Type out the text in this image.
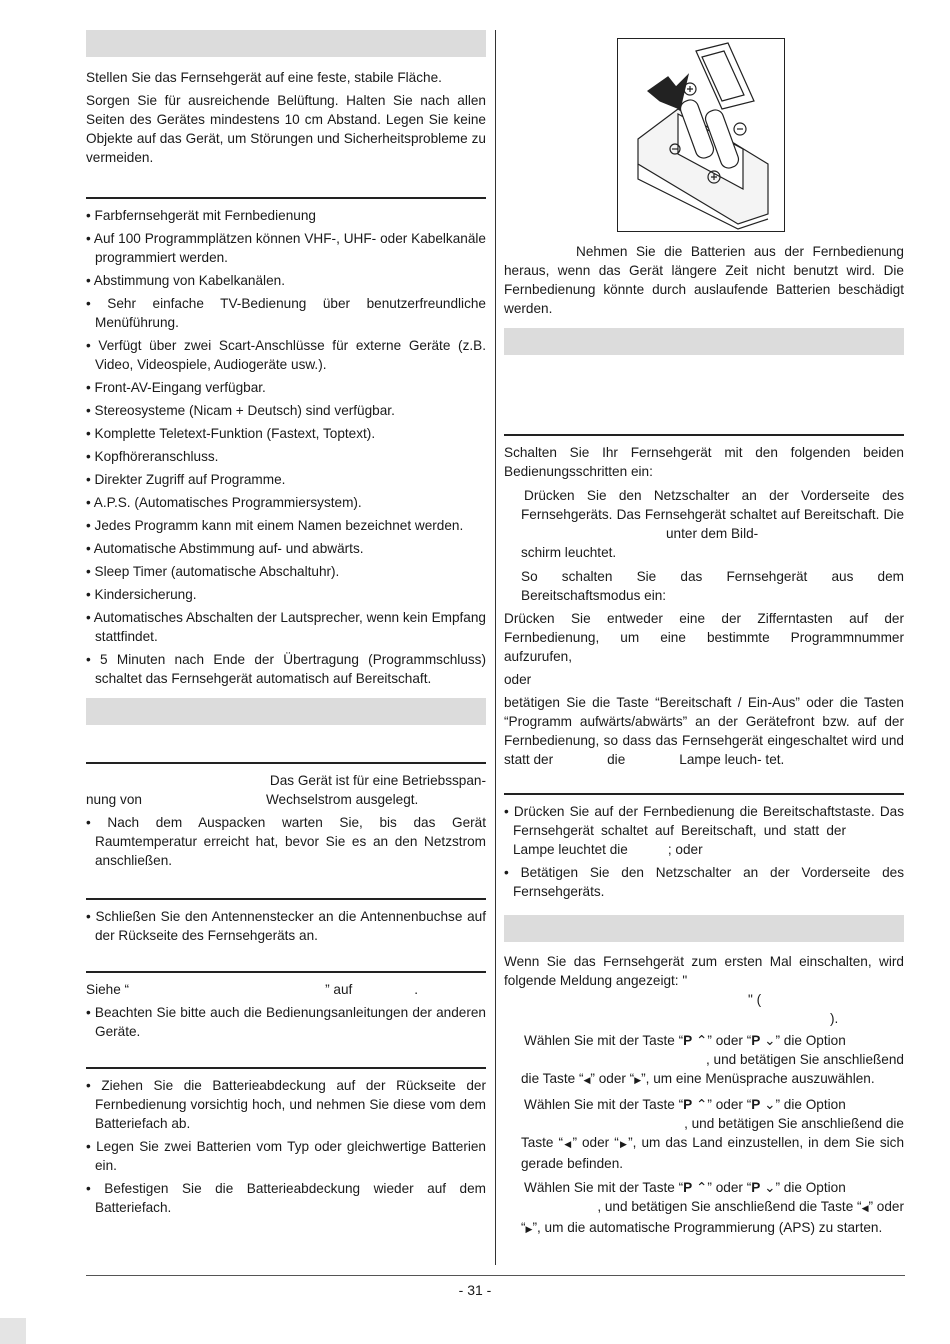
Stellen Sie das Fernsehgerät auf eine feste, stabile Fläche.

Sorgen Sie für ausreichende Belüftung. Halten Sie nach allen Seiten des Gerätes mindestens 10 cm Abstand. Legen Sie keine Objekte auf das Gerät, um Störungen und Sicherheitsprobleme zu vermeiden.

• Farbfernsehgerät mit Fernbedienung
• Auf 100 Programmplätzen können VHF-, UHF- oder Kabelkanäle programmiert werden.
• Abstimmung von Kabelkanälen.
• Sehr einfache TV-Bedienung über benutzerfreundliche Menüführung.
• Verfügt über zwei Scart-Anschlüsse für externe Geräte (z.B. Video, Videospiele, Audiogeräte usw.).
• Front-AV-Eingang verfügbar.
• Stereosysteme (Nicam + Deutsch) sind verfügbar.
• Komplette Teletext-Funktion (Fastext, Toptext).
• Kopfhöreranschluss.
• Direkter Zugriff auf Programme.
• A.P.S. (Automatisches Programmiersystem).
• Jedes Programm kann mit einem Namen bezeichnet werden.
• Automatische Abstimmung auf- und abwärts.
• Sleep Timer (automatische Abschaltuhr).
• Kindersicherung.
• Automatisches Abschalten der Lautsprecher, wenn kein Empfang stattfindet.
• 5 Minuten nach Ende der Übertragung (Programmschluss) schaltet das Fernsehgerät automatisch auf Bereitschaft.

Das Gerät ist für eine Betriebsspan-
nung von	Wechselstrom ausgelegt.

• Nach dem Auspacken warten Sie, bis das Gerät Raumtemperatur erreicht hat, bevor Sie es an den Netzstrom anschließen.
• Schließen Sie den Antennenstecker an die Antennenbuchse auf der Rückseite des Fernsehgeräts an.

Siehe “	” auf	.

• Beachten Sie bitte auch die Bedienungsanleitungen der anderen Geräte.
• Ziehen Sie die Batterieabdeckung auf der Rückseite der Fernbedienung vorsichtig hoch, und nehmen Sie diese vom dem Batteriefach ab.
• Legen Sie zwei Batterien vom Typ oder gleichwertige Batterien ein.
• Befestigen Sie die Batterieabdeckung wieder auf dem Batteriefach.

Nehmen Sie die Batterien aus der Fernbedienung heraus, wenn das Gerät längere Zeit nicht benutzt wird. Die Fernbedienung könnte durch auslaufende Batterien beschädigt werden.

Schalten Sie Ihr Fernsehgerät mit den folgenden beiden Bedienungsschritten ein:

Drücken Sie den Netzschalter an der Vorderseite des Fernsehgeräts. Das Fernsehgerät schaltet auf Bereitschaft. Dieunter dem Bild-

schirm leuchtet.

So schalten Sie das Fernsehgerät aus dem Bereitschaftsmodus ein:

Drücken Sie entweder eine der Zifferntasten auf der Fernbedienung, um eine bestimmte Programmnummer aufzurufen,

oder

betätigen Sie die Taste “Bereitschaft / Ein-Aus” oder die Tasten “Programm aufwärts/abwärts” an der Gerätefront bzw. auf der Fernbedienung, so dass das Fernsehgerät eingeschaltet wird und statt der	die	Lampe leuch- tet.

• Drücken Sie auf der Fernbedienung die Bereitschaftstaste. Das Fernsehgerät schaltet auf Bereitschaft, und statt derLampe leuchtet die	; oder
• Betätigen Sie den Netzschalter an der Vorderseite des Fernsehgeräts.

Wenn Sie das Fernsehgerät zum ersten Mal einschalten, wird folgende Meldung angezeigt: "
" (
).

Wählen Sie mit der Taste “P ⌃” oder “P ⌄” die Option

, und betätigen Sie anschließend

die Taste “◀” oder “▶”, um eine Menüsprache auszuwählen.

Wählen Sie mit der Taste “P ⌃” oder “P ⌄” die Option

, und betätigen Sie anschließend die

Taste “◀” oder “▶”, um das Land einzustellen, in dem Sie sich gerade befinden.

Wählen Sie mit der Taste “P ⌃” oder “P ⌄” die Option

, und betätigen Sie anschließend die Taste “◀” oder

“▶”, um die automatische Programmierung (APS) zu starten.

- 31 -
